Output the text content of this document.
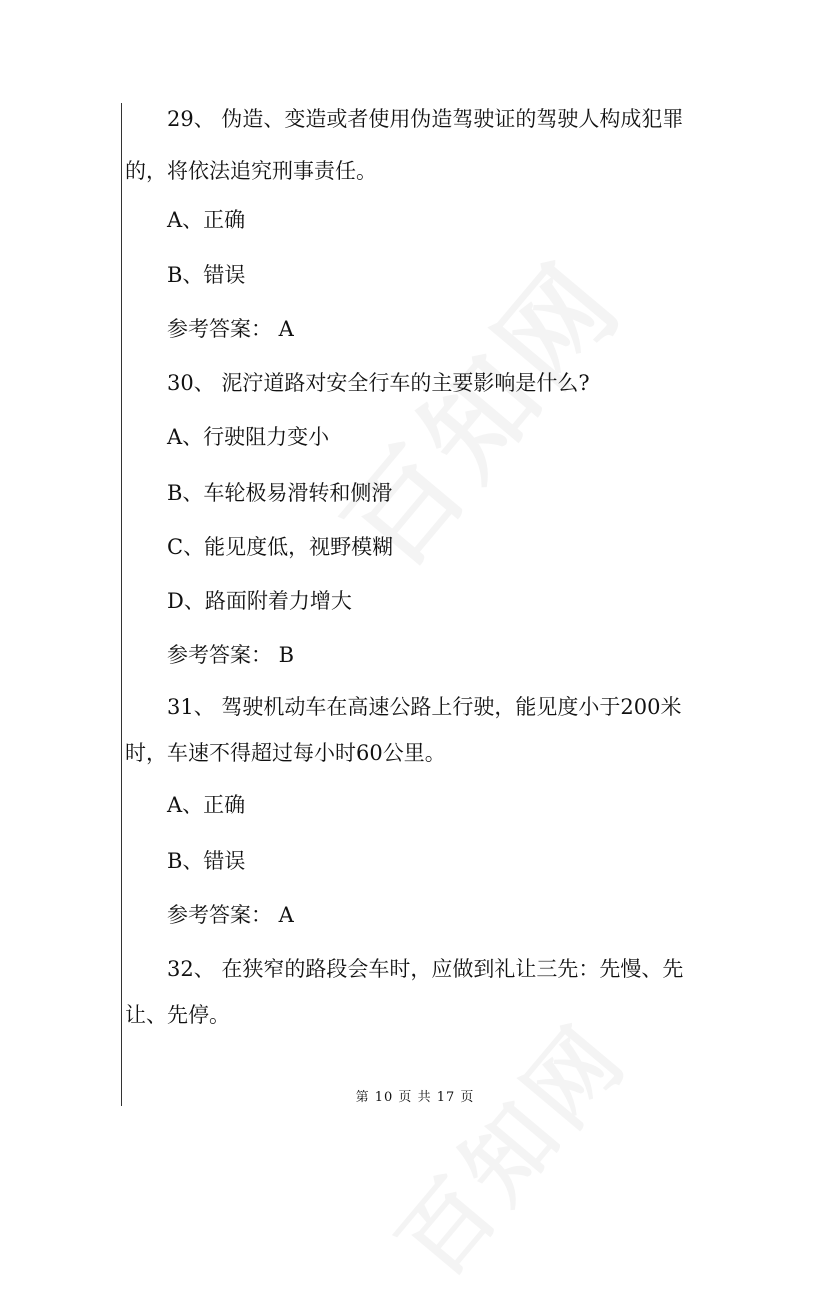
29、 伪造、变造或者使用伪造驾驶证的驾驶人构成犯罪
的，将依法追究刑事责任。
A、正确
B、错误
参考答案： A
30、 泥泞道路对安全行车的主要影响是什么?
A、行驶阻力变小
B、车轮极易滑转和侧滑
C、能见度低，视野模糊
D、路面附着力增大
参考答案： B
31、 驾驶机动车在高速公路上行驶，能见度小于200米
时，车速不得超过每小时60公里。
A、正确
B、错误
参考答案： A
32、 在狭窄的路段会车时，应做到礼让三先：先慢、先
让、先停。
第 10 页 共 17 页
